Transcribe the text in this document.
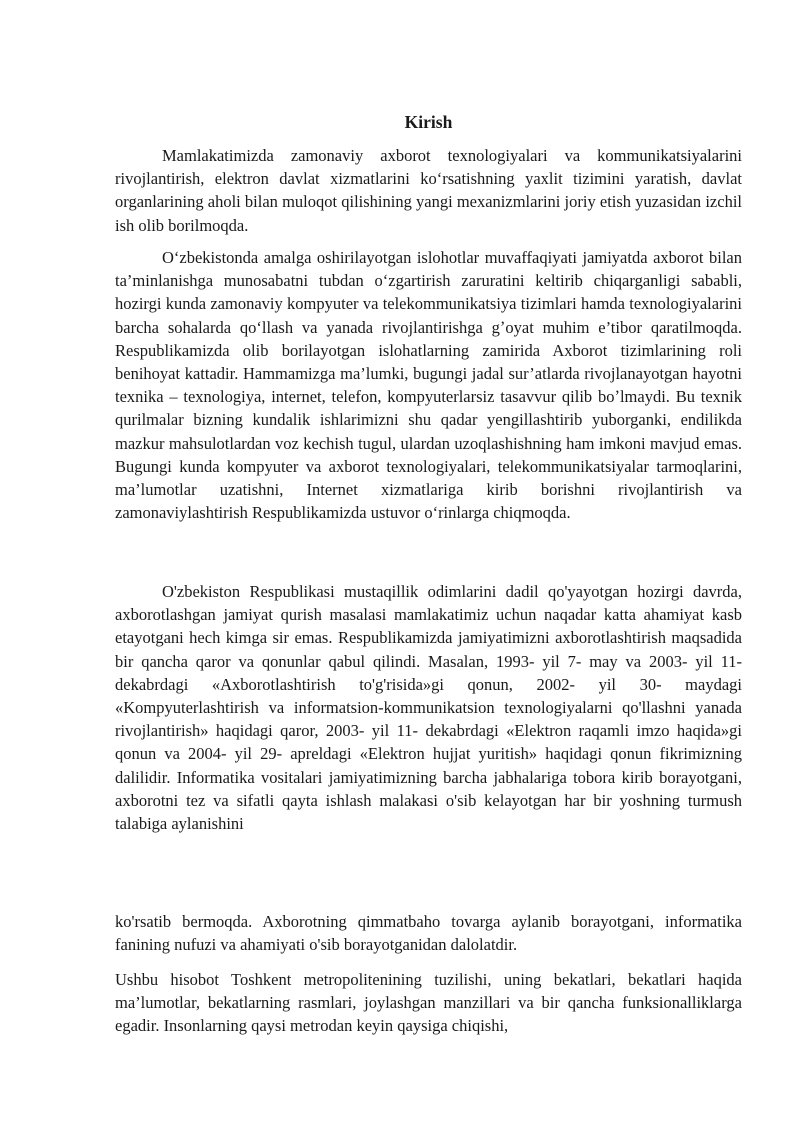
Kirish

Mamlakatimizda zamonaviy axborot texnologiyalari va kommunikatsiyalarini rivojlantirish, elektron davlat xizmatlarini koʻrsatishning yaxlit tizimini yaratish, davlat organlarining aholi bilan muloqot qilishining yangi mexanizmlarini joriy etish yuzasidan izchil ish olib borilmoqda.

Oʻzbekistonda amalga oshirilayotgan islohotlar muvaffaqiyati jamiyatda axborot bilan ta’minlanishga munosabatni tubdan oʻzgartirish zaruratini keltirib chiqarganligi sababli, hozirgi kunda zamonaviy kompyuter va telekommunikatsiya tizimlari hamda texnologiyalarini barcha sohalarda qoʻllash va yanada rivojlantirishga gʼoyat muhim e’tibor qaratilmoqda. Respublikamizda olib borilayotgan islohatlarning zamirida Axborot tizimlarining roli benihoyat kattadir. Hammamizga ma’lumki, bugungi jadal sur’atlarda rivojlanayotgan hayotni texnika – texnologiya, internet, telefon, kompyuterlarsiz tasavvur qilib boʼlmaydi. Bu texnik qurilmalar bizning kundalik ishlarimizni shu qadar yengillashtirib yuborganki, endilikda mazkur mahsulotlardan voz kechish tugul, ulardan uzoqlashishning ham imkoni mavjud emas. Bugungi kunda kompyuter va axborot texnologiyalari, telekommunikatsiyalar tarmoqlarini, ma’lumotlar uzatishni, Internet xizmatlariga kirib borishni rivojlantirish va zamonaviylashtirish Respublikamizda ustuvor oʻrinlarga chiqmoqda.

O'zbekiston Respublikasi mustaqillik odimlarini dadil qo'yayotgan hozirgi davrda, axborotlashgan jamiyat qurish masalasi mamlakatimiz uchun naqadar katta ahamiyat kasb etayotgani hech kimga sir emas. Respublikamizda jamiyatimizni axborotlashtirish maqsadida bir qancha qaror va qonunlar qabul qilindi. Masalan, 1993- yil 7- may va 2003- yil 11- dekabrdagi «Axborotlashtirish to'g'risida»gi qonun, 2002- yil 30- maydagi «Kompyuterlashtirish va informatsion-kommunikatsion texnologiyalarni qo'llashni yanada rivojlantirish» haqidagi qaror, 2003- yil 11- dekabrdagi «Elektron raqamli imzo haqida»gi qonun va 2004- yil 29- apreldagi «Elektron hujjat yuritish» haqidagi qonun fikrimizning dalilidir. Informatika vositalari jamiyatimizning barcha jabhalariga tobora kirib borayotgani, axborotni tez va sifatli qayta ishlash malakasi o'sib kelayotgan har bir yoshning turmush talabiga aylanishini

ko'rsatib bermoqda. Axborotning qimmatbaho tovarga aylanib borayotgani, informatika fanining nufuzi va ahamiyati o'sib borayotganidan dalolatdir.

Ushbu hisobot Toshkent metropolitenining tuzilishi, uning bekatlari, bekatlari haqida ma’lumotlar, bekatlarning rasmlari, joylashgan manzillari va bir qancha funksionalliklarga egadir. Insonlarning qaysi metrodan keyin qaysiga chiqishi,
